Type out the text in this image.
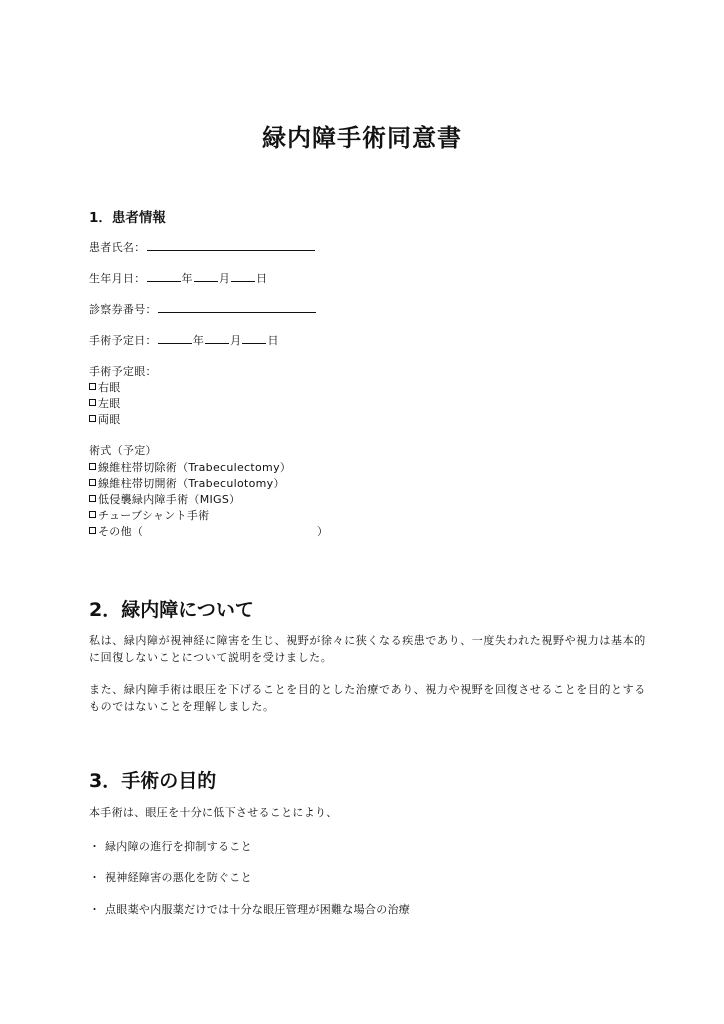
緑内障手術同意書
1．患者情報
患者氏名：
生年月日：	年 月 日
診察券番号：
手術予定日：	年 月 日
手術予定眼：
右眼
左眼
両眼
術式（予定）
線維柱帯切除術（Trabeculectomy）
線維柱帯切開術（Trabeculotomy）
低侵襲緑内障手術（MIGS）
チューブシャント手術
その他（	）
2．緑内障について
私は、緑内障が視神経に障害を生じ、視野が徐々に狭くなる疾患であり、一度失われた視野や視力は基本的に回復しないことについて説明を受けました。
また、緑内障手術は眼圧を下げることを目的とした治療であり、視力や視野を回復させることを目的とするものではないことを理解しました。
3．手術の目的
本手術は、眼圧を十分に低下させることにより、
・ 緑内障の進行を抑制すること
・ 視神経障害の悪化を防ぐこと
・ 点眼薬や内服薬だけでは十分な眼圧管理が困難な場合の治療
